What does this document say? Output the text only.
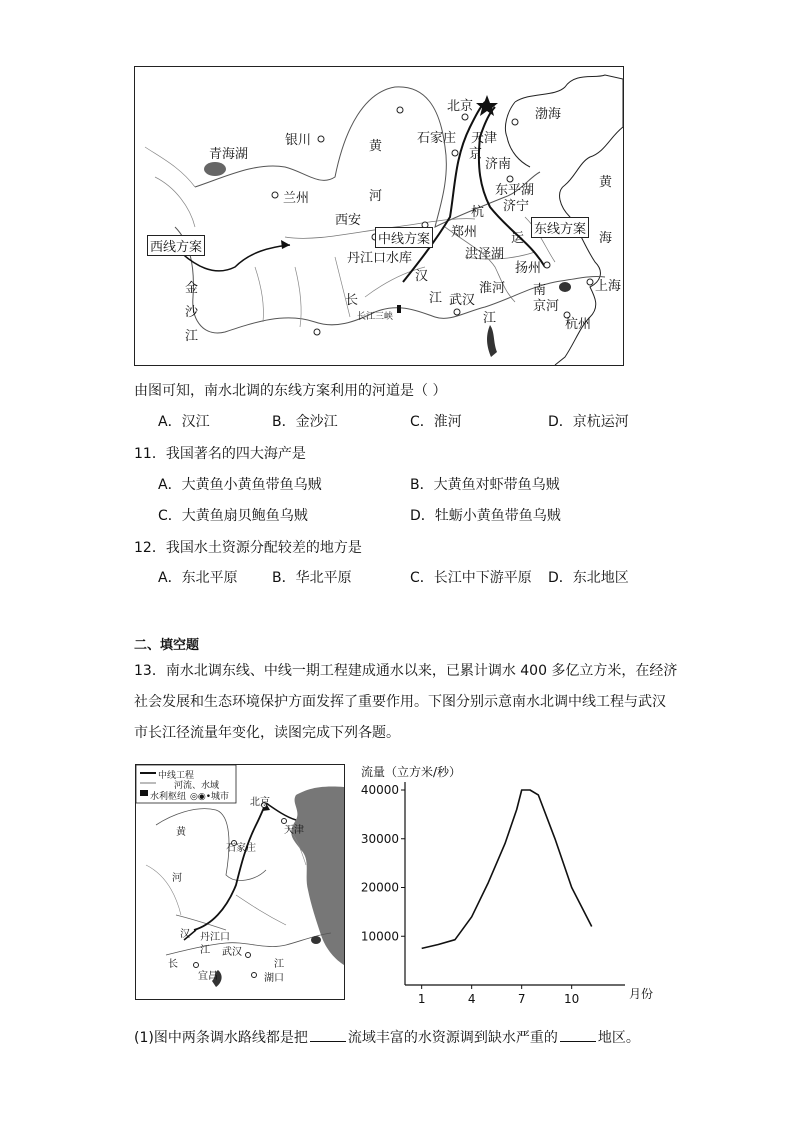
北京
渤海
银川	黄
石家庄 天津
京
青海湖
济南
黄
兰州	河	东平湖
西安
杭 济宁
东线方案
海
西线方案
中线方案 郑州	运
丹江口水库	洪泽湖
扬州
金
汉
南	上海
沙
长	江 武汉
淮河
京河
江
长江三峡	江	杭州
由图可知，南水北调的东线方案利用的河道是（ ）
A．汉江	B．金沙江	C．淮河	D．京杭运河
11．我国著名的四大海产是
A．大黄鱼小黄鱼带鱼乌贼	B．大黄鱼对虾带鱼乌贼
C．大黄鱼扇贝鲍鱼乌贼	D．牡蛎小黄鱼带鱼乌贼
12．我国水土资源分配较差的地方是
A．东北平原 B．华北平原	C．长江中下游平原 D．东北地区
二、填空题
13．南水北调东线、中线一期工程建成通水以来，已累计调水 400 多亿立方米，在经济
社会发展和生态环境保护方面发挥了重要作用。下图分别示意南水北调中线工程与武汉
市长江径流量年变化，读图完成下列各题。
中线工程
河流、水域
水利枢纽 ◎◉•城市 北京
天津
黄
石家庄
河
汉 丹江口
江 武汉
长	江
宜昌	湖口
流量（立方米/秒）
月份
10000
20000
30000
40000
1	4	7	10
(1)图中两条调水路线都是把	流域丰富的水资源调到缺水严重的	地区。
